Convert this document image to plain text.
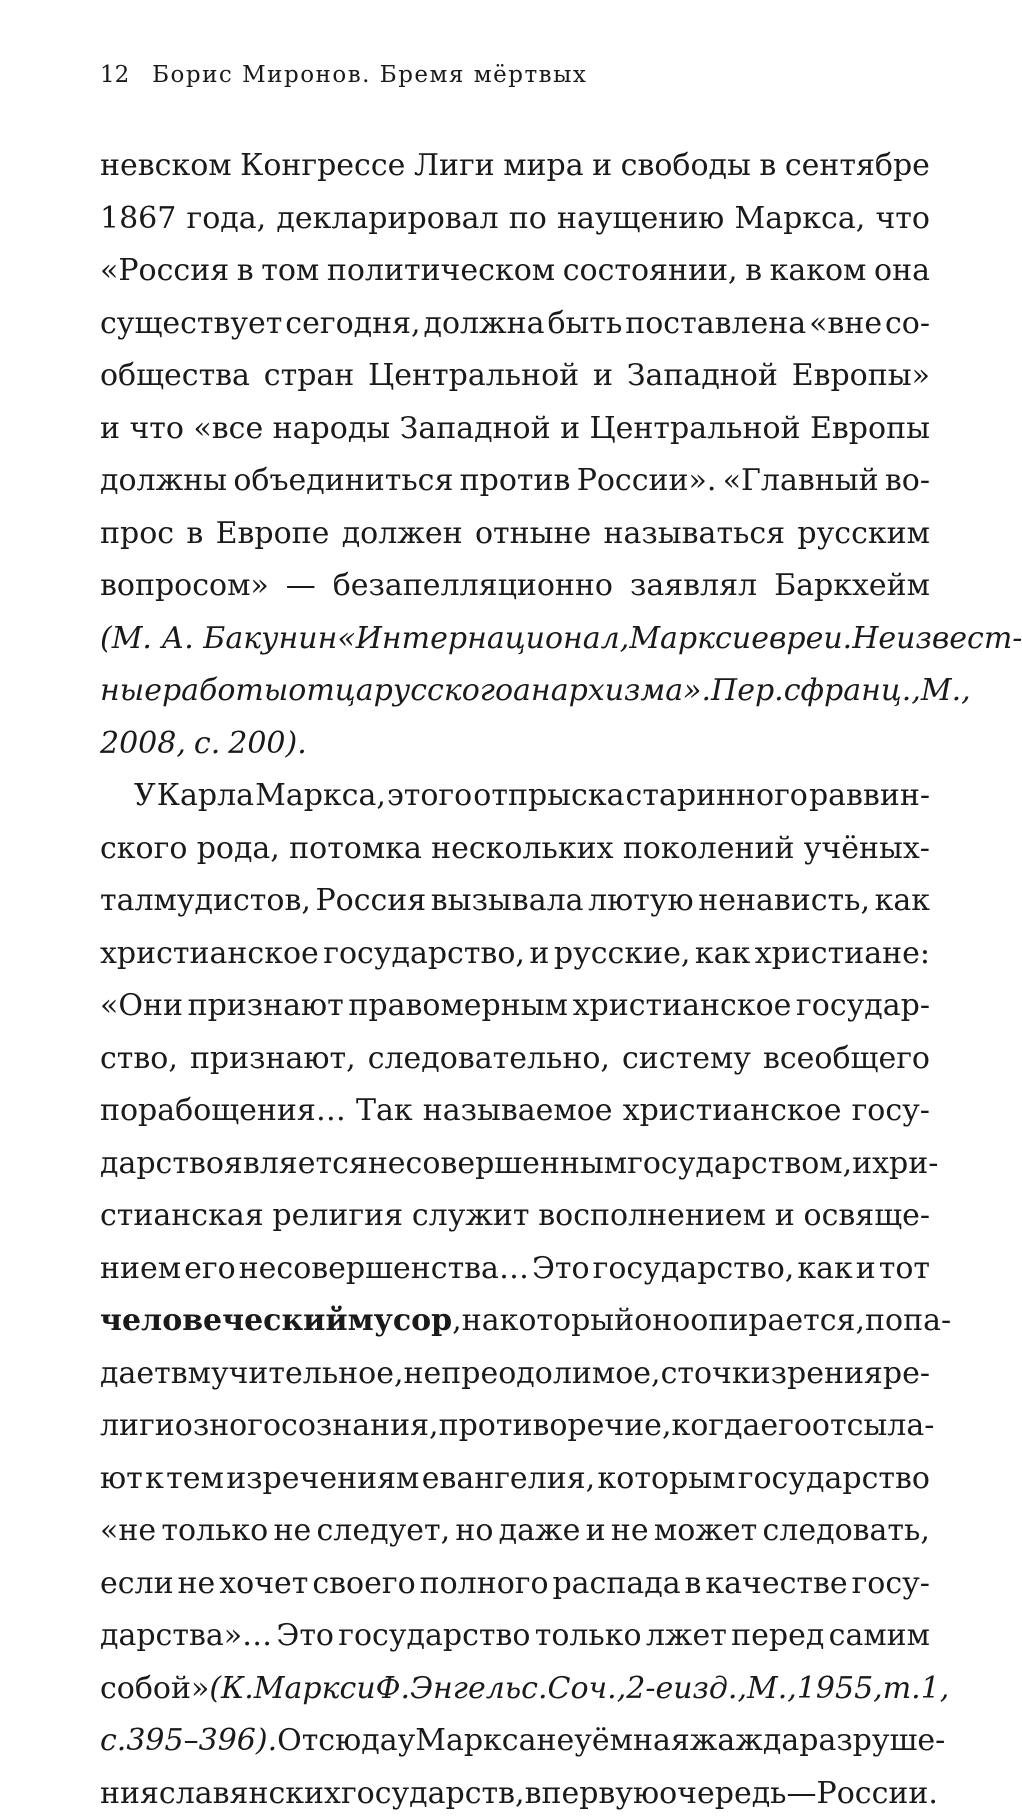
12 Борис Миронов. Бремя мёртвых
невском Конгрессе Лиги мира и свободы в сентябре
1867 года, декларировал по наущению Маркса, что
«Россия в том политическом состоянии, в каком она
существует сегодня, должна быть поставлена «вне со-
общества стран Центральной и Западной Европы»
и что «все народы Западной и Центральной Европы
должны объединиться против России». «Главный во-
прос в Европе должен отныне называться русским
вопросом» — безапелляционно заявлял Баркхейм
(М. А. Бакунин «Интернационал, Маркс и евреи. Неизвест-
ные работы отца русского анархизма». Пер. с франц., М.,
2008, с. 200).
У Карла Маркса, этого отпрыска старинного раввин-
ского рода, потомка нескольких поколений учёных-
талмудистов, Россия вызывала лютую ненависть, как
христианское государство, и русские, как христиане:
«Они признают правомерным христианское государ-
ство, признают, следовательно, систему всеобщего
порабощения… Так называемое христианское госу-
дарство является несовершенным государством, и хри-
стианская религия служит восполнением и освяще-
нием его несовершенства… Это государство, как и тот
человеческий мусор, на который оно опирается, попа-
дает в мучительное, непреодолимое, с точки зрения ре-
лигиозного сознания, противоречие, когда его отсыла-
ют к тем изречениям евангелия, которым государство
«не только не следует, но даже и не может следовать,
если не хочет своего полного распада в качестве госу-
дарства»… Это государство только лжет перед самим
собой» (К.Маркс и Ф.Энгельс. Соч., 2-е изд., М., 1955, т. 1,
с. 395–396). Отсюда у Маркса неуёмная жажда разруше-
ния славянских государств, в первую очередь — России.
